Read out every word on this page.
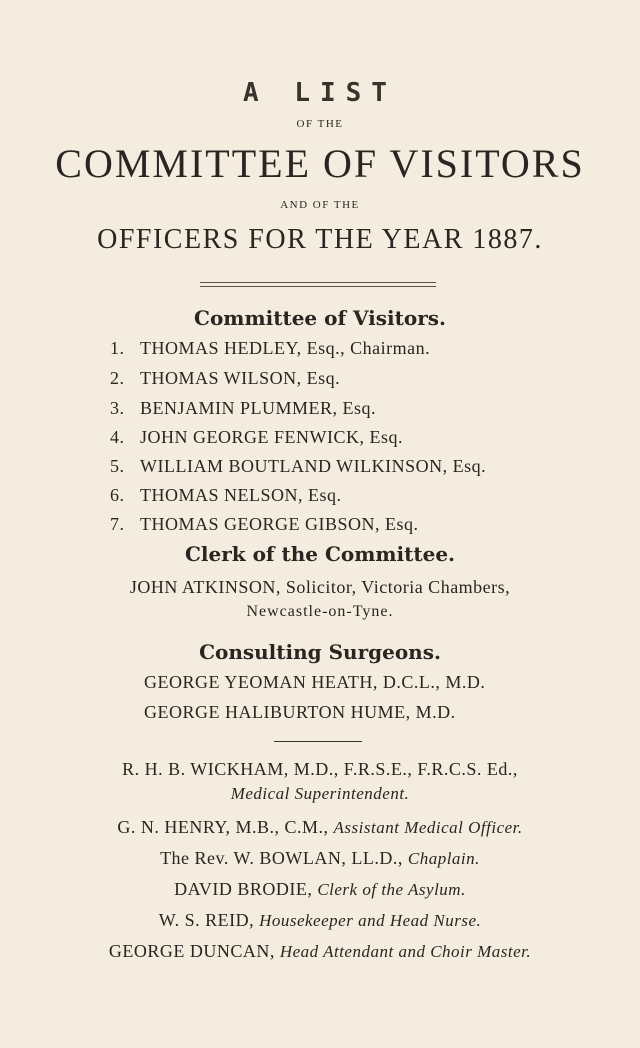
A LIST
OF THE
COMMITTEE OF VISITORS
AND OF THE
OFFICERS FOR THE YEAR 1887.
Committee of Visitors.
1. THOMAS HEDLEY, Esq., Chairman.
2. THOMAS WILSON, Esq.
3. BENJAMIN PLUMMER, Esq.
4. JOHN GEORGE FENWICK, Esq.
5. WILLIAM BOUTLAND WILKINSON, Esq.
6. THOMAS NELSON, Esq.
7. THOMAS GEORGE GIBSON, Esq.
Clerk of the Committee.
JOHN ATKINSON, Solicitor, Victoria Chambers,
Newcastle-on-Tyne.
Consulting Surgeons.
GEORGE YEOMAN HEATH, D.C.L., M.D.
GEORGE HALIBURTON HUME, M.D.
R. H. B. WICKHAM, M.D., F.R.S.E., F.R.C.S. Ed.,
Medical Superintendent.
G. N. HENRY, M.B., C.M., Assistant Medical Officer.
The Rev. W. BOWLAN, LL.D., Chaplain.
DAVID BRODIE, Clerk of the Asylum.
W. S. REID, Housekeeper and Head Nurse.
GEORGE DUNCAN, Head Attendant and Choir Master.
